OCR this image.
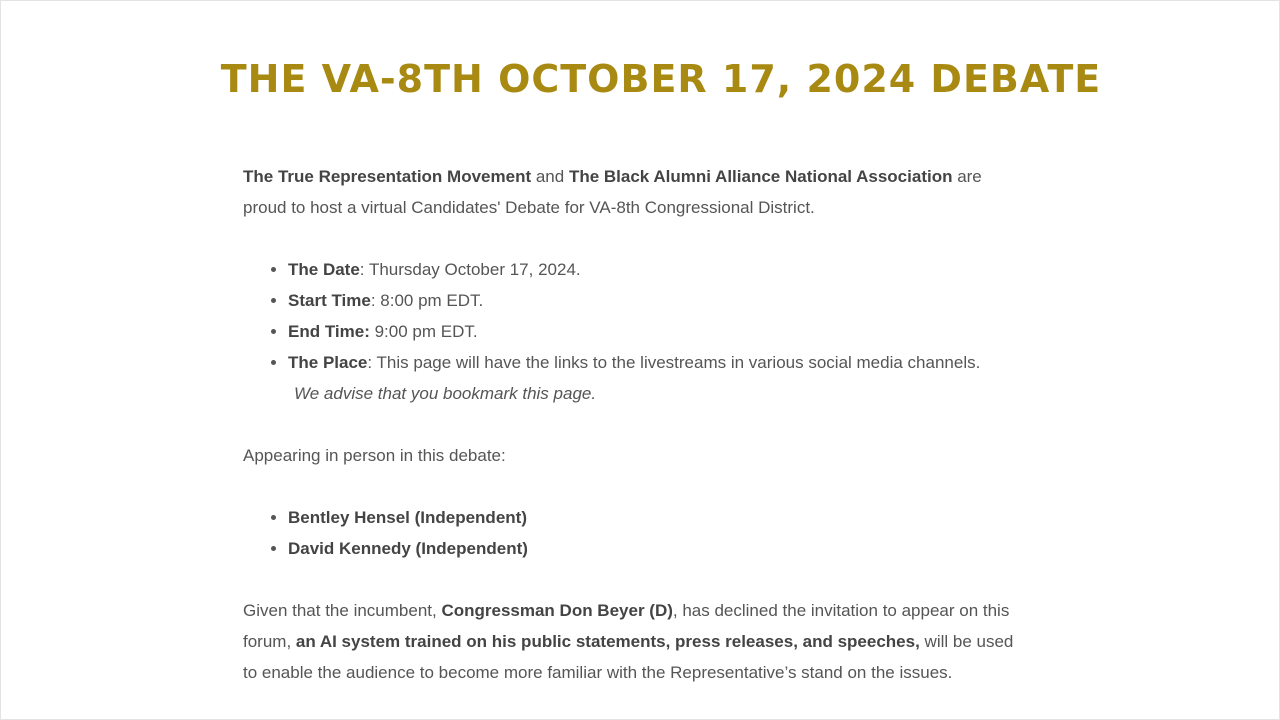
THE VA-8TH OCTOBER 17, 2024 DEBATE

The True Representation Movement and The Black Alumni Alliance National Association are
proud to host a virtual Candidates' Debate for VA-8th Congressional District.

• The Date: Thursday October 17, 2024.
• Start Time: 8:00 pm EDT.
• End Time: 9:00 pm EDT.
• The Place: This page will have the links to the livestreams in various social media channels.

We advise that you bookmark this page.

Appearing in person in this debate:

• Bentley Hensel (Independent)
• David Kennedy (Independent)

Given that the incumbent, Congressman Don Beyer (D), has declined the invitation to appear on this
forum, an AI system trained on his public statements, press releases, and speeches, will be used
to enable the audience to become more familiar with the Representative’s stand on the issues.
